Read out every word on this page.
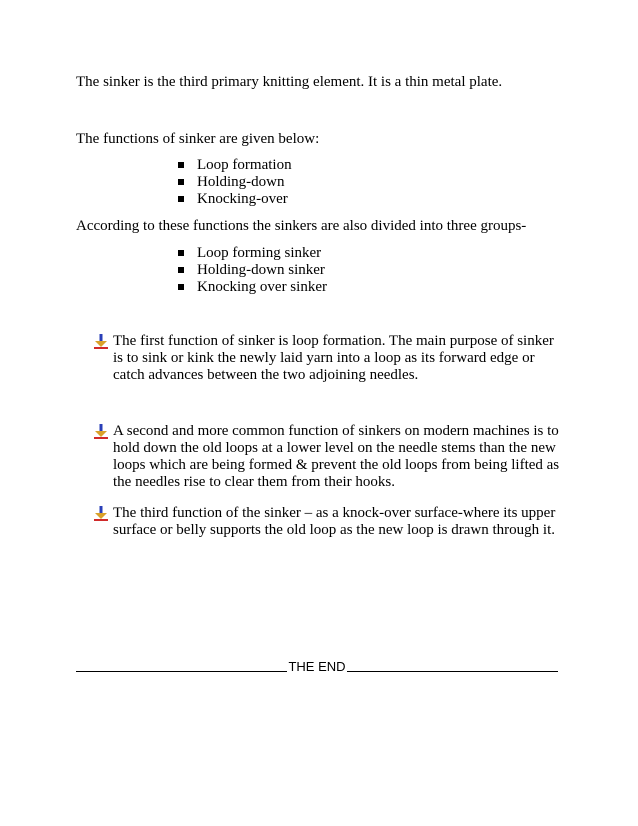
The sinker is the third primary knitting element. It is a thin metal plate.

The functions of sinker are given below:

Loop formation
Holding-down
Knocking-over

According to these functions the sinkers are also divided into three groups-

Loop forming sinker
Holding-down sinker
Knocking over sinker

The first function of sinker is loop formation. The main purpose of sinker is to sink or kink the newly laid yarn into a loop as its forward edge or catch advances between the two adjoining needles.

A second and more common function of sinkers on modern machines is to hold down the old loops at a lower level on the needle stems than the new loops which are being formed & prevent the old loops from being lifted as the needles rise to clear them from their hooks.

The third function of the sinker – as a knock-over surface-where its upper surface or belly supports the old loop as the new loop is drawn through it.

THE END
